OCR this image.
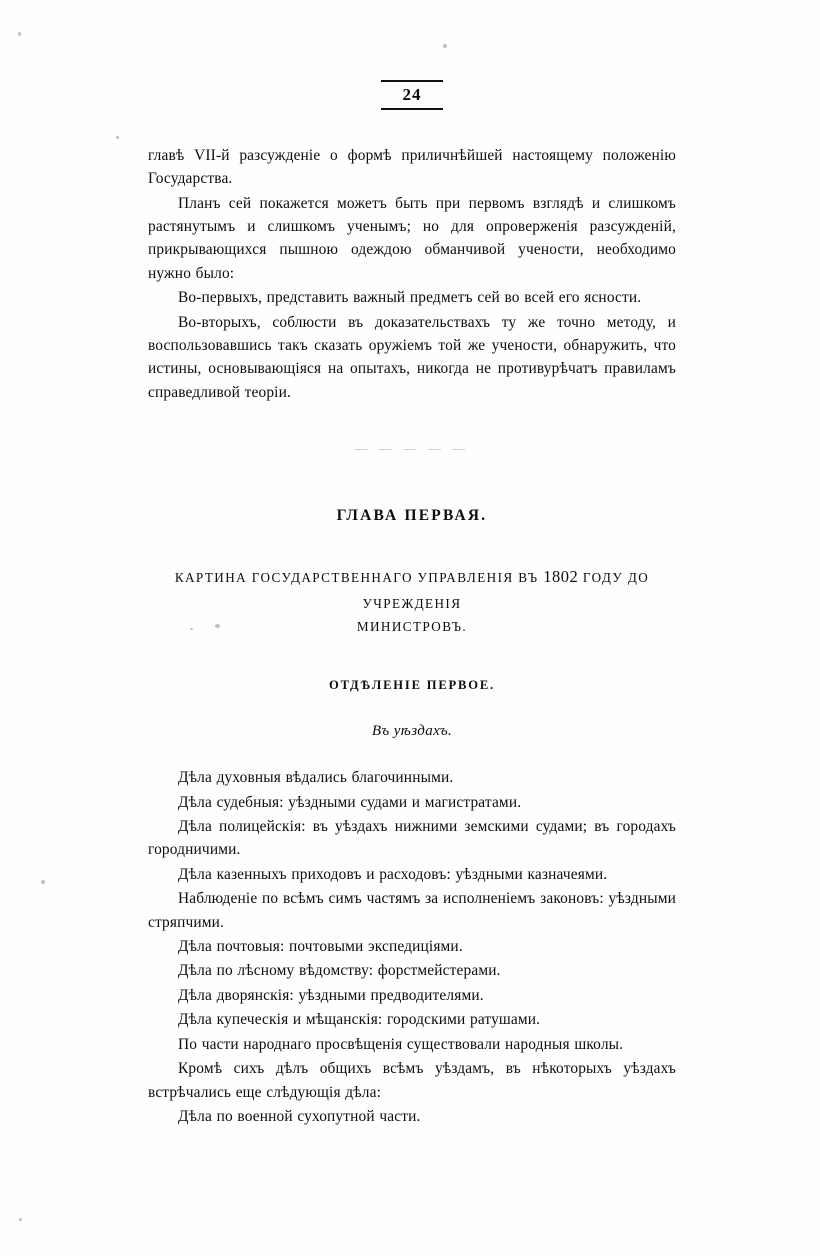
24

главѣ VII-й разсужденіе о формѣ приличнѣйшей настоящему положенію Государства.

Планъ сей покажется можетъ быть при первомъ взглядѣ и слишкомъ растянутымъ и слишкомъ ученымъ; но для опроверженія разсужденій, прикрывающихся пышною одеждою обманчивой учености, необходимо нужно было:

Во-первыхъ, представить важный предметъ сей во всей его ясности.

Во-вторыхъ, соблюсти въ доказательствахъ ту же точно методу, и воспользовавшись такъ сказать оружіемъ той же учености, обнаружить, что истины, основывающіяся на опытахъ, никогда не противурѣчатъ правиламъ справедливой теоріи.

— — — — —
ГЛАВА ПЕРВАЯ.
КАРТИНА ГОСУДАРСТВЕННАГО УПРАВЛЕНІЯ ВЪ 1802 ГОДУ ДО УЧРЕЖДЕНІЯ
МИНИСТРОВЪ.
ОТДѢЛЕНІЕ ПЕРВОЕ.
Въ уѣздахъ.

Дѣла духовныя вѣдались благочинными.

Дѣла судебныя: уѣздными судами и магистратами.

Дѣла полицейскія: въ уѣздахъ нижними земскими судами; въ городахъ городничими.

Дѣла казенныхъ приходовъ и расходовъ: уѣздными казначеями.

Наблюденіе по всѣмъ симъ частямъ за исполненіемъ законовъ: уѣздными стряпчими.

Дѣла почтовыя: почтовыми экспедиціями.

Дѣла по лѣсному вѣдомству: форстмейстерами.

Дѣла дворянскія: уѣздными предводителями.

Дѣла купеческія и мѣщанскія: городскими ратушами.

По части народнаго просвѣщенія существовали народныя школы.

Кромѣ сихъ дѣлъ общихъ всѣмъ уѣздамъ, въ нѣкоторыхъ уѣздахъ встрѣчались еще слѣдующія дѣла:

Дѣла по военной сухопутной части.
